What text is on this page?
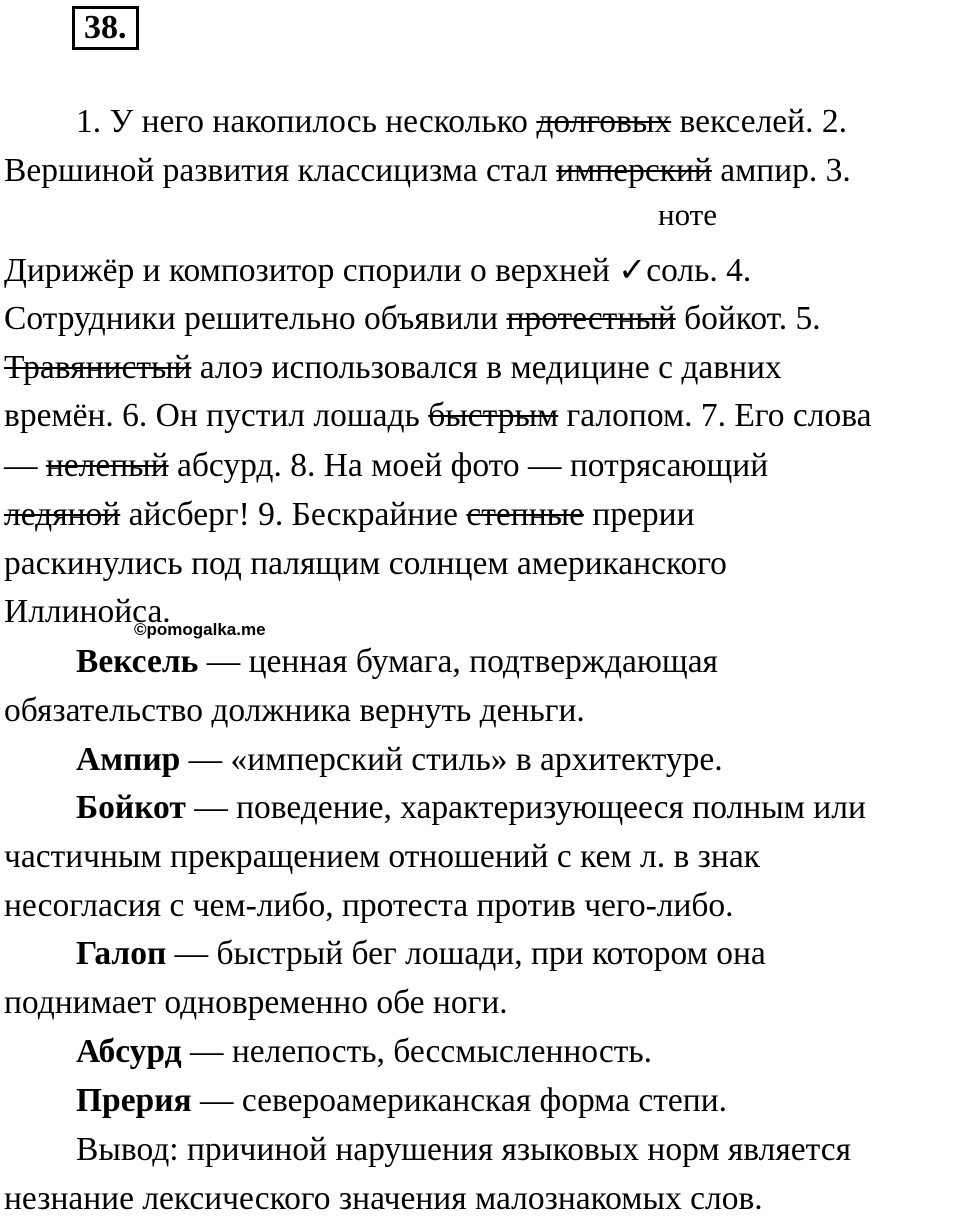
38.
1. У него накопилось несколько долговых векселей. 2.
Вершиной развития классицизма стал имперский ампир. 3.
ноте
Дирижёр и композитор спорили о верхней ✓соль. 4.
Сотрудники решительно объявили протестный бойкот. 5.
Травянистый алоэ использовался в медицине с давних
времён. 6. Он пустил лошадь быстрым галопом. 7. Его слова
— нелепый абсурд. 8. На моей фото — потрясающий
ледяной айсберг! 9. Бескрайние степные прерии
раскинулись под палящим солнцем американского
Иллинойса.
©pomogalka.me
Вексель — ценная бумага, подтверждающая
обязательство должника вернуть деньги.
Ампир — «имперский стиль» в архитектуре.
Бойкот — поведение, характеризующееся полным или
частичным прекращением отношений с кем л. в знак
несогласия с чем-либо, протеста против чего-либо.
Галоп — быстрый бег лошади, при котором она
поднимает одновременно обе ноги.
Абсурд — нелепость, бессмысленность.
Прерия — североамериканская форма степи.
Вывод: причиной нарушения языковых норм является
незнание лексического значения малознакомых слов.
